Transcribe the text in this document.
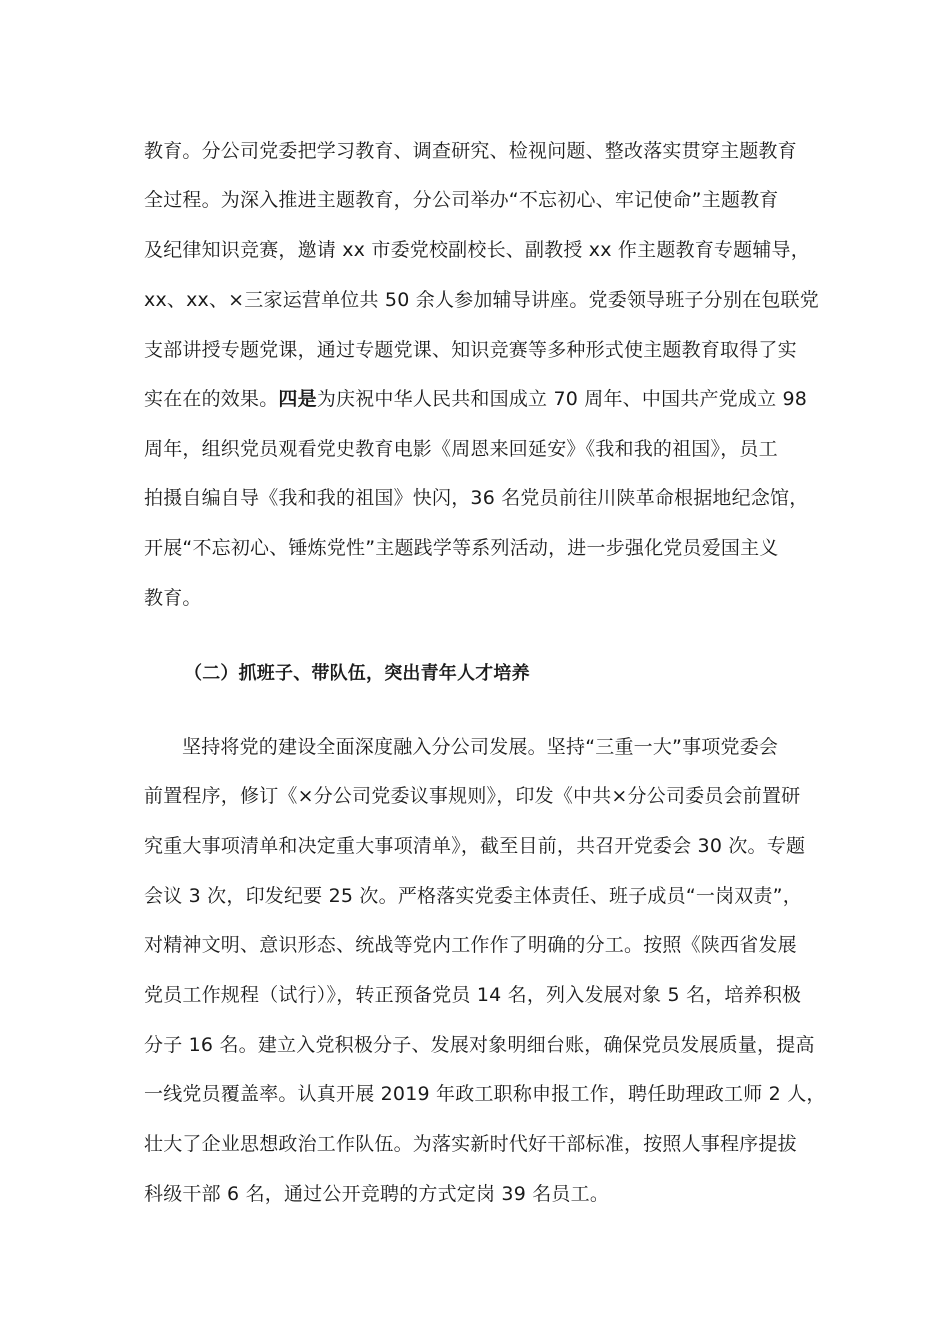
教育。分公司党委把学习教育、调查研究、检视问题、整改落实贯穿主题教育
全过程。为深入推进主题教育，分公司举办“不忘初心、牢记使命”主题教育
及纪律知识竞赛，邀请 xx 市委党校副校长、副教授 xx 作主题教育专题辅导，
xx、xx、×三家运营单位共 50 余人参加辅导讲座。党委领导班子分别在包联党
支部讲授专题党课，通过专题党课、知识竞赛等多种形式使主题教育取得了实
实在在的效果。四是为庆祝中华人民共和国成立 70 周年、中国共产党成立 98
周年，组织党员观看党史教育电影《周恩来回延安》《我和我的祖国》，员工
拍摄自编自导《我和我的祖国》快闪，36 名党员前往川陕革命根据地纪念馆，
开展“不忘初心、锤炼党性”主题践学等系列活动，进一步强化党员爱国主义
教育。
（二）抓班子、带队伍，突出青年人才培养
坚持将党的建设全面深度融入分公司发展。坚持“三重一大”事项党委会
前置程序，修订《×分公司党委议事规则》，印发《中共×分公司委员会前置研
究重大事项清单和决定重大事项清单》，截至目前，共召开党委会 30 次。专题
会议 3 次，印发纪要 25 次。严格落实党委主体责任、班子成员“一岗双责”，
对精神文明、意识形态、统战等党内工作作了明确的分工。按照《陕西省发展
党员工作规程（试行）》，转正预备党员 14 名，列入发展对象 5 名，培养积极
分子 16 名。建立入党积极分子、发展对象明细台账，确保党员发展质量，提高
一线党员覆盖率。认真开展 2019 年政工职称申报工作，聘任助理政工师 2 人，
壮大了企业思想政治工作队伍。为落实新时代好干部标准，按照人事程序提拔
科级干部 6 名，通过公开竞聘的方式定岗 39 名员工。
